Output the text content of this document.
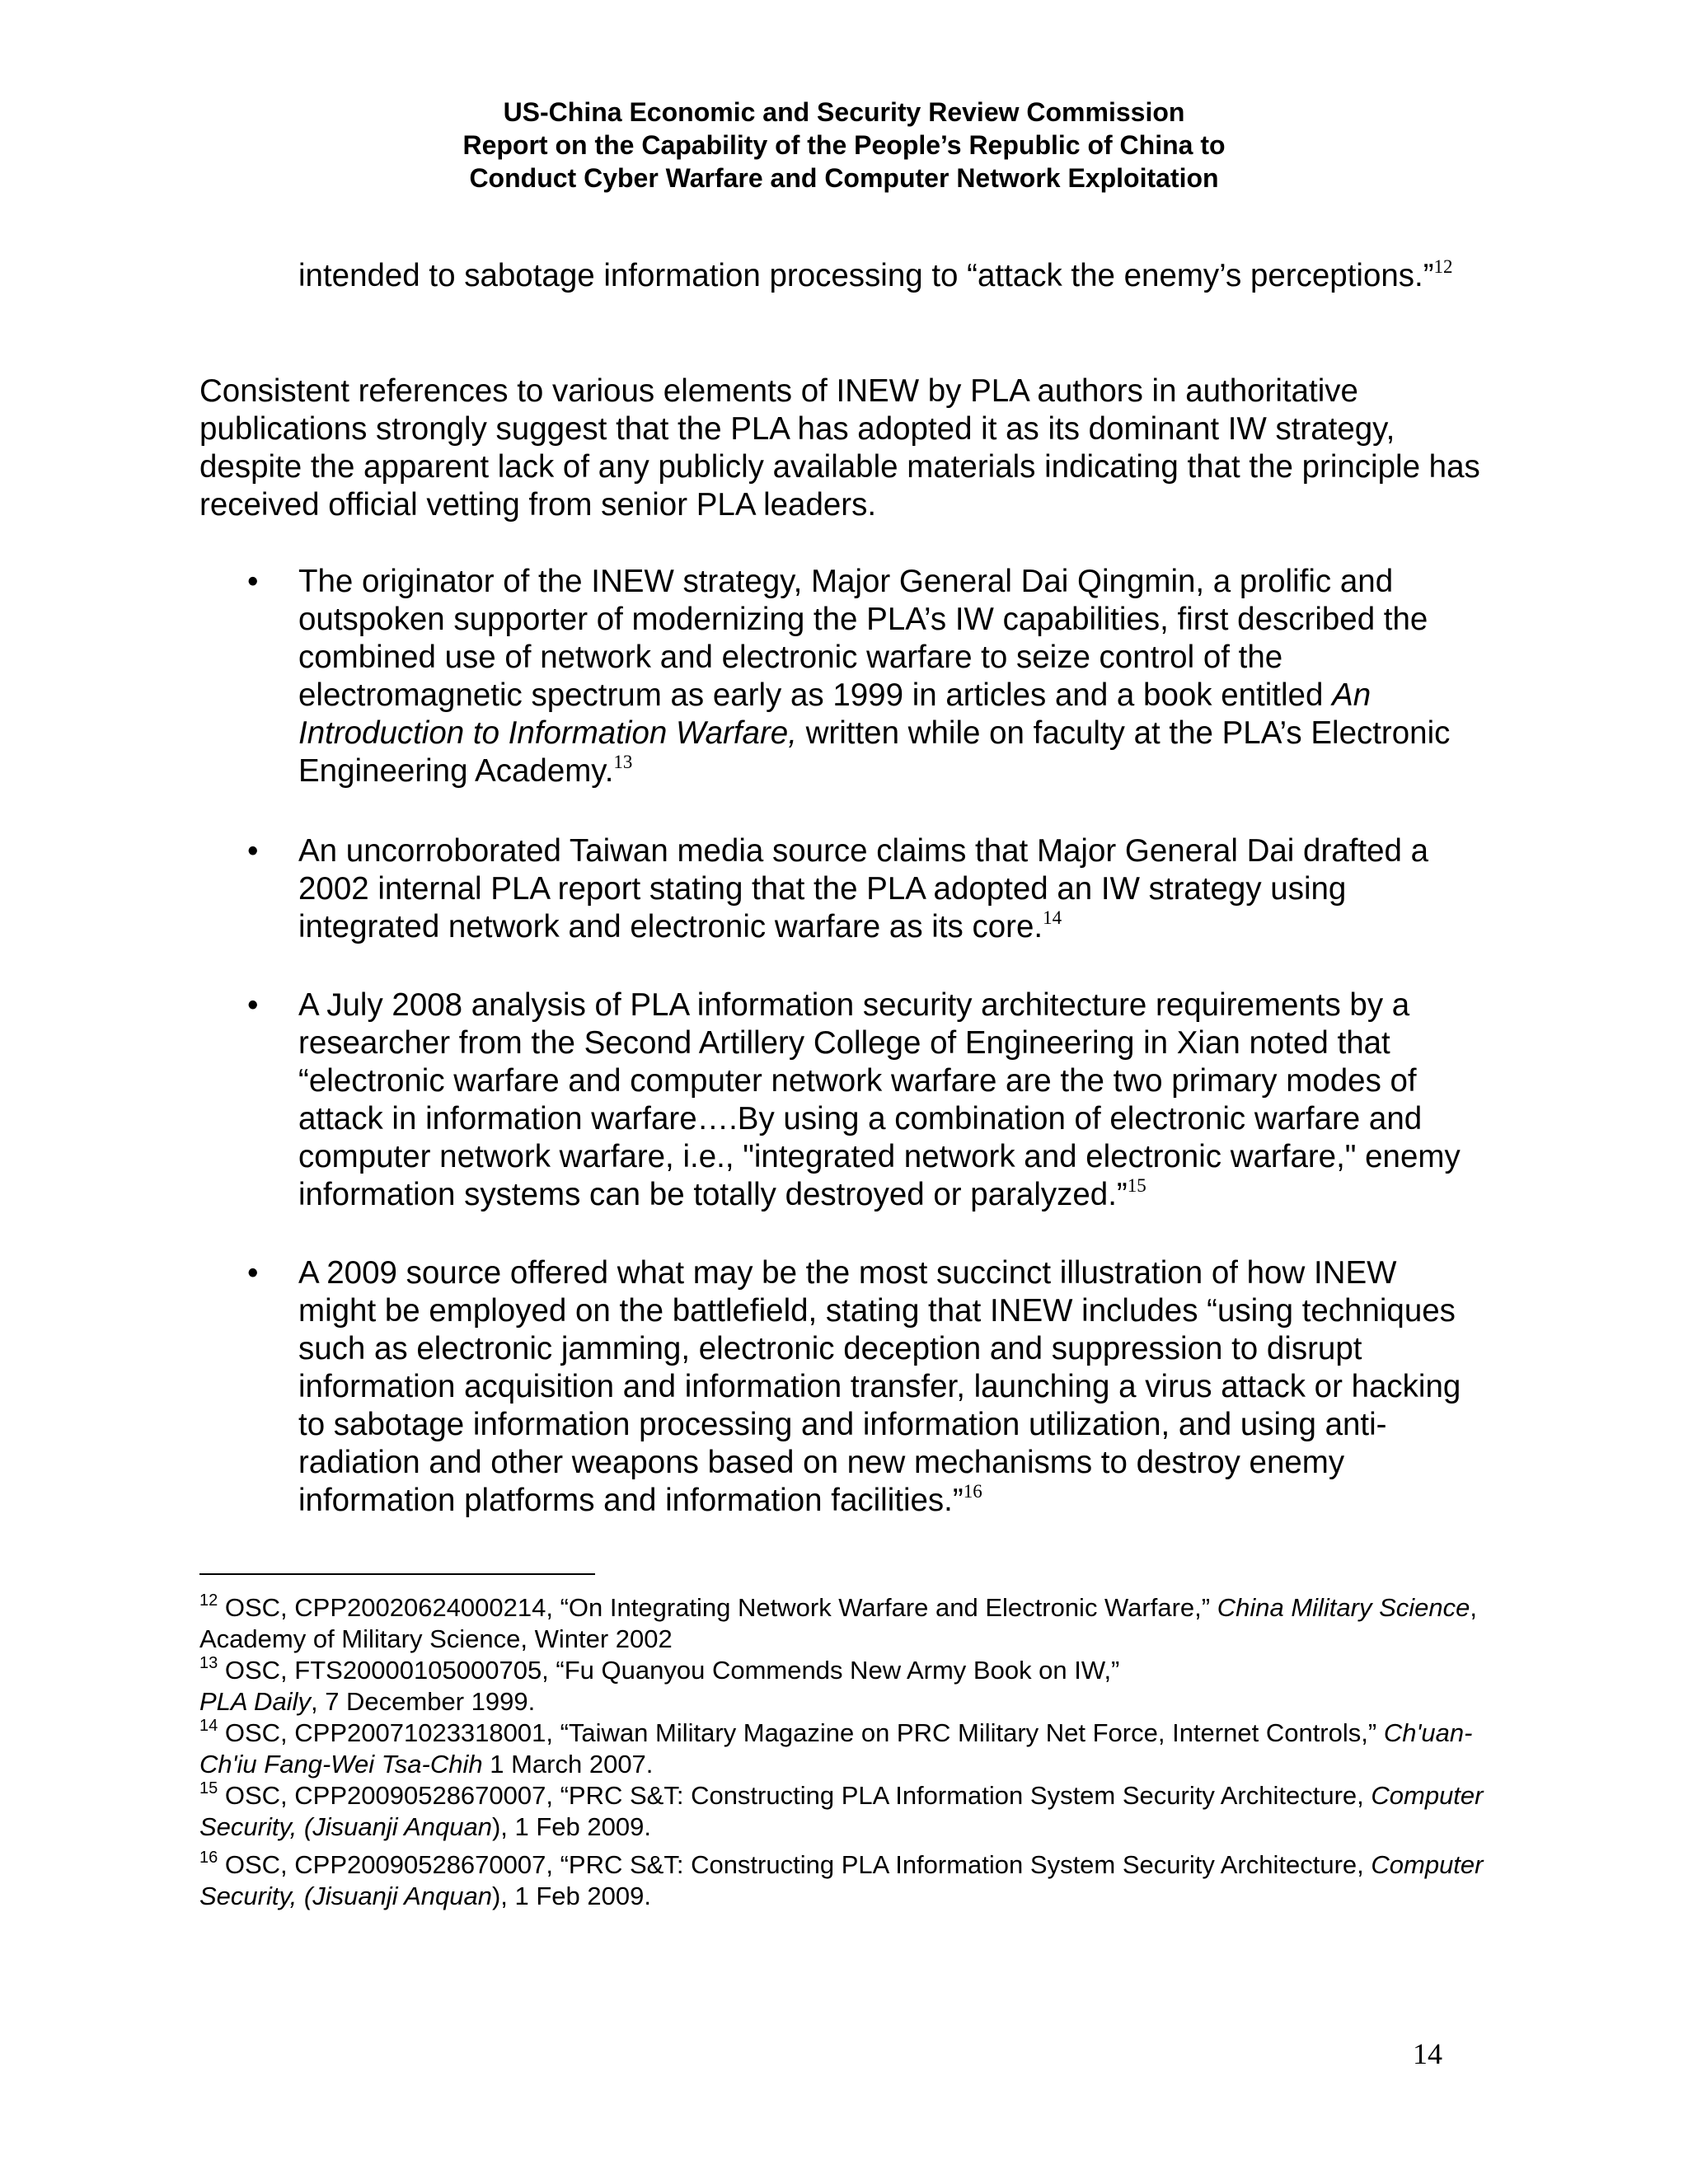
US-China Economic and Security Review Commission
Report on the Capability of the People’s Republic of China to
Conduct Cyber Warfare and Computer Network Exploitation
intended to sabotage information processing to “attack the enemy’s perceptions.”$^{12}$
Consistent references to various elements of INEW by PLA authors in authoritative publications strongly suggest that the PLA has adopted it as its dominant IW strategy, despite the apparent lack of any publicly available materials indicating that the principle has received official vetting from senior PLA leaders.
• The originator of the INEW strategy, Major General Dai Qingmin, a prolific and outspoken supporter of modernizing the PLA’s IW capabilities, first described the combined use of network and electronic warfare to seize control of the electromagnetic spectrum as early as 1999 in articles and a book entitled An Introduction to Information Warfare, written while on faculty at the PLA’s Electronic Engineering Academy.$^{13}$
• An uncorroborated Taiwan media source claims that Major General Dai drafted a 2002 internal PLA report stating that the PLA adopted an IW strategy using integrated network and electronic warfare as its core.$^{14}$
• A July 2008 analysis of PLA information security architecture requirements by a researcher from the Second Artillery College of Engineering in Xian noted that “electronic warfare and computer network warfare are the two primary modes of attack in information warfare….By using a combination of electronic warfare and computer network warfare, i.e., "integrated network and electronic warfare," enemy information systems can be totally destroyed or paralyzed.”$^{15}$
• A 2009 source offered what may be the most succinct illustration of how INEW might be employed on the battlefield, stating that INEW includes “using techniques such as electronic jamming, electronic deception and suppression to disrupt information acquisition and information transfer, launching a virus attack or hacking to sabotage information processing and information utilization, and using anti-radiation and other weapons based on new mechanisms to destroy enemy information platforms and information facilities.”$^{16}$

$^{12}$ OSC, CPP20020624000214, “On Integrating Network Warfare and Electronic Warfare,” China Military Science, Academy of Military Science, Winter 2002

$^{13}$ OSC, FTS20000105000705, “Fu Quanyou Commends New Army Book on IW,”
PLA Daily, 7 December 1999.

$^{14}$ OSC, CPP20071023318001, “Taiwan Military Magazine on PRC Military Net Force, Internet Controls,” Ch'uan-Ch'iu Fang-Wei Tsa-Chih 1 March 2007.

$^{15}$ OSC, CPP20090528670007, “PRC S&T: Constructing PLA Information System Security Architecture, Computer Security, (Jisuanji Anquan), 1 Feb 2009.

$^{16}$ OSC, CPP20090528670007, “PRC S&T: Constructing PLA Information System Security Architecture, Computer Security, (Jisuanji Anquan), 1 Feb 2009.

14
